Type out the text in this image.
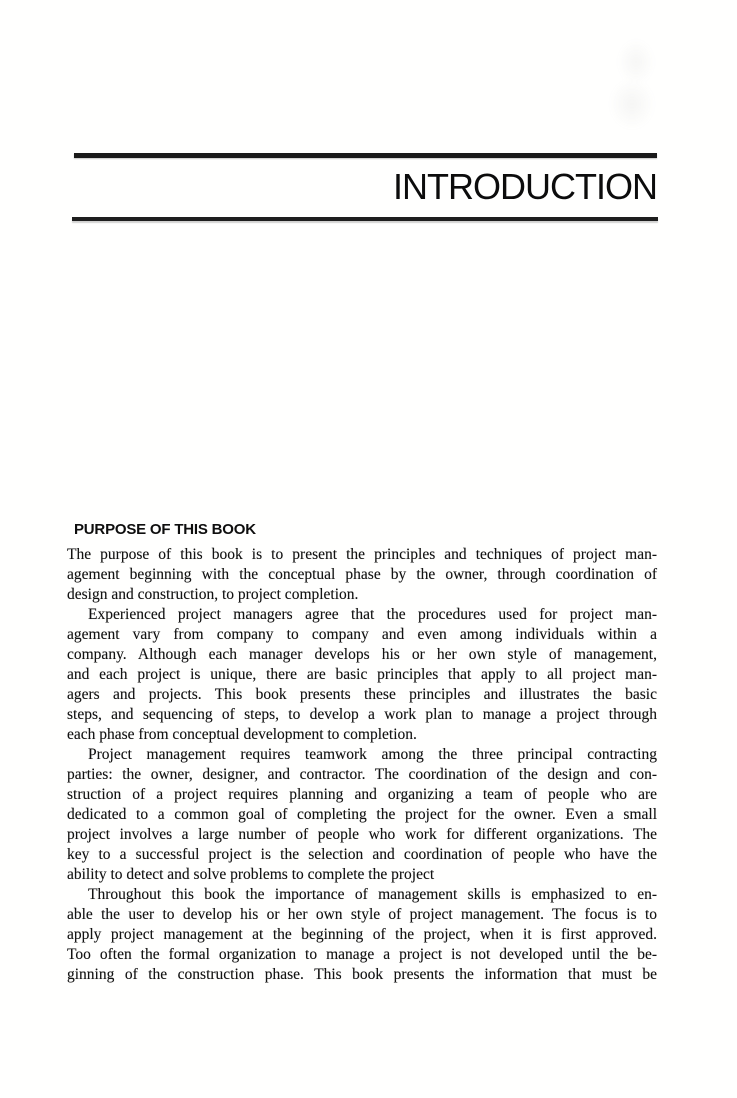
INTRODUCTION
PURPOSE OF THIS BOOK
The purpose of this book is to present the principles and techniques of project man-
agement beginning with the conceptual phase by the owner, through coordination of
design and construction, to project completion.
Experienced project managers agree that the procedures used for project man-
agement vary from company to company and even among individuals within a
company. Although each manager develops his or her own style of management,
and each project is unique, there are basic principles that apply to all project man-
agers and projects. This book presents these principles and illustrates the basic
steps, and sequencing of steps, to develop a work plan to manage a project through
each phase from conceptual development to completion.
Project management requires teamwork among the three principal contracting
parties: the owner, designer, and contractor. The coordination of the design and con-
struction of a project requires planning and organizing a team of people who are
dedicated to a common goal of completing the project for the owner. Even a small
project involves a large number of people who work for different organizations. The
key to a successful project is the selection and coordination of people who have the
ability to detect and solve problems to complete the project
Throughout this book the importance of management skills is emphasized to en-
able the user to develop his or her own style of project management. The focus is to
apply project management at the beginning of the project, when it is first approved.
Too often the formal organization to manage a project is not developed until the be-
ginning of the construction phase. This book presents the information that must be
